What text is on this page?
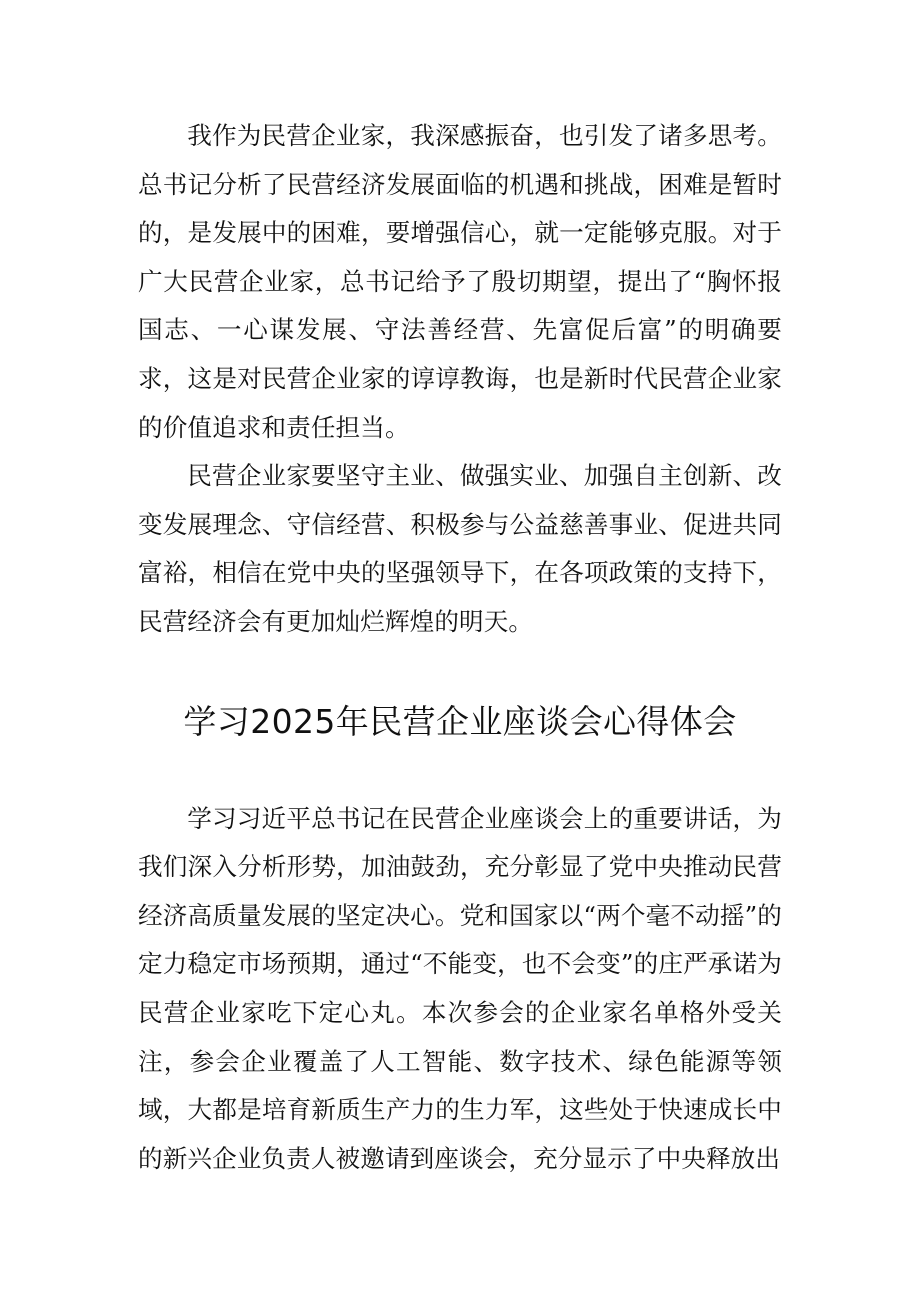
我作为民营企业家，我深感振奋，也引发了诸多思考。总书记分析了民营经济发展面临的机遇和挑战，困难是暂时的，是发展中的困难，要增强信心，就一定能够克服。对于广大民营企业家，总书记给予了殷切期望，提出了“胸怀报国志、一心谋发展、守法善经营、先富促后富”的明确要求，这是对民营企业家的谆谆教诲，也是新时代民营企业家的价值追求和责任担当。

民营企业家要坚守主业、做强实业、加强自主创新、改变发展理念、守信经营、积极参与公益慈善事业、促进共同富裕，相信在党中央的坚强领导下，在各项政策的支持下，民营经济会有更加灿烂辉煌的明天。

学习2025年民营企业座谈会心得体会

学习习近平总书记在民营企业座谈会上的重要讲话，为我们深入分析形势，加油鼓劲，充分彰显了党中央推动民营经济高质量发展的坚定决心。党和国家以“两个毫不动摇”的定力稳定市场预期，通过“不能变，也不会变”的庄严承诺为民营企业家吃下定心丸。本次参会的企业家名单格外受关注，参会企业覆盖了人工智能、数字技术、绿色能源等领域，大都是培育新质生产力的生力军，这些处于快速成长中的新兴企业负责人被邀请到座谈会，充分显示了中央释放出
